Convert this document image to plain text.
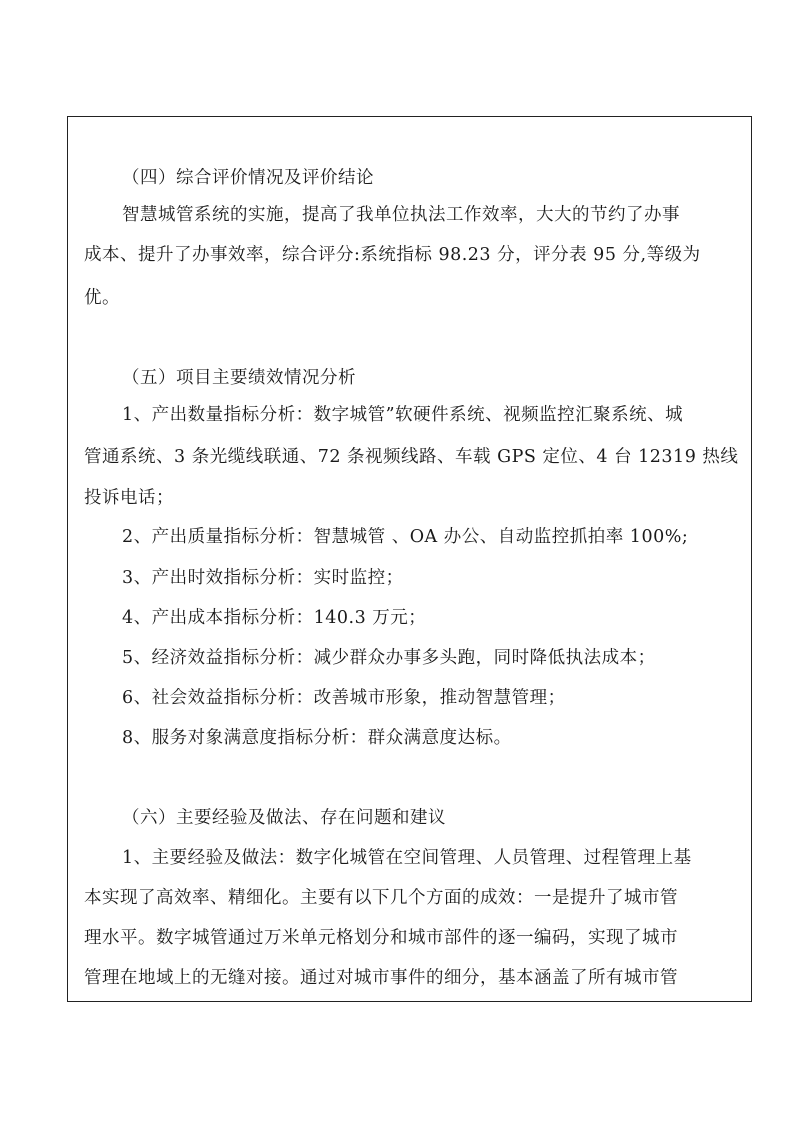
（四）综合评价情况及评价结论

智慧城管系统的实施，提高了我单位执法工作效率，大大的节约了办事

成本、提升了办事效率，综合评分:系统指标 98.23 分，评分表 95 分,等级为

优。

（五）项目主要绩效情况分析

1、产出数量指标分析：数字城管”软硬件系统、视频监控汇聚系统、城

管通系统、3 条光缆线联通、72 条视频线路、车载 GPS 定位、4 台 12319 热线

投诉电话；

2、产出质量指标分析：智慧城管 、OA 办公、自动监控抓拍率 100%;

3、产出时效指标分析：实时监控；

4、产出成本指标分析：140.3 万元；

5、经济效益指标分析：减少群众办事多头跑，同时降低执法成本；

6、社会效益指标分析：改善城市形象，推动智慧管理；

8、服务对象满意度指标分析：群众满意度达标。

（六）主要经验及做法、存在问题和建议

1、主要经验及做法：数字化城管在空间管理、人员管理、过程管理上基

本实现了高效率、精细化。主要有以下几个方面的成效：一是提升了城市管

理水平。数字城管通过万米单元格划分和城市部件的逐一编码，实现了城市

管理在地域上的无缝对接。通过对城市事件的细分，基本涵盖了所有城市管
